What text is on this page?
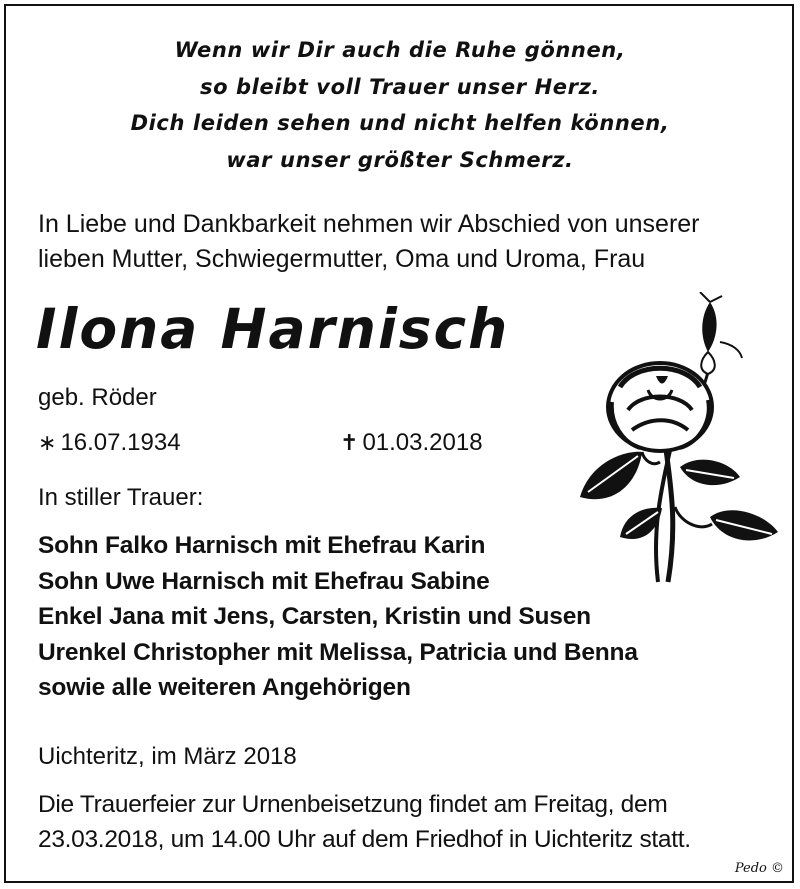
Wenn wir Dir auch die Ruhe gönnen,
so bleibt voll Trauer unser Herz.
Dich leiden sehen und nicht helfen können,
war unser größter Schmerz.
In Liebe und Dankbarkeit nehmen wir Abschied von unserer
lieben Mutter, Schwiegermutter, Oma und Uroma, Frau
Ilona Harnisch
geb. Röder
∗ 16.07.1934	✝ 01.03.2018
In stiller Trauer:
Sohn Falko Harnisch mit Ehefrau Karin
Sohn Uwe Harnisch mit Ehefrau Sabine
Enkel Jana mit Jens, Carsten, Kristin und Susen
Urenkel Christopher mit Melissa, Patricia und Benna
sowie alle weiteren Angehörigen
Uichteritz, im März 2018
Die Trauerfeier zur Urnenbeisetzung findet am Freitag, dem
23.03.2018, um 14.00 Uhr auf dem Friedhof in Uichteritz statt.
Pedo ©
